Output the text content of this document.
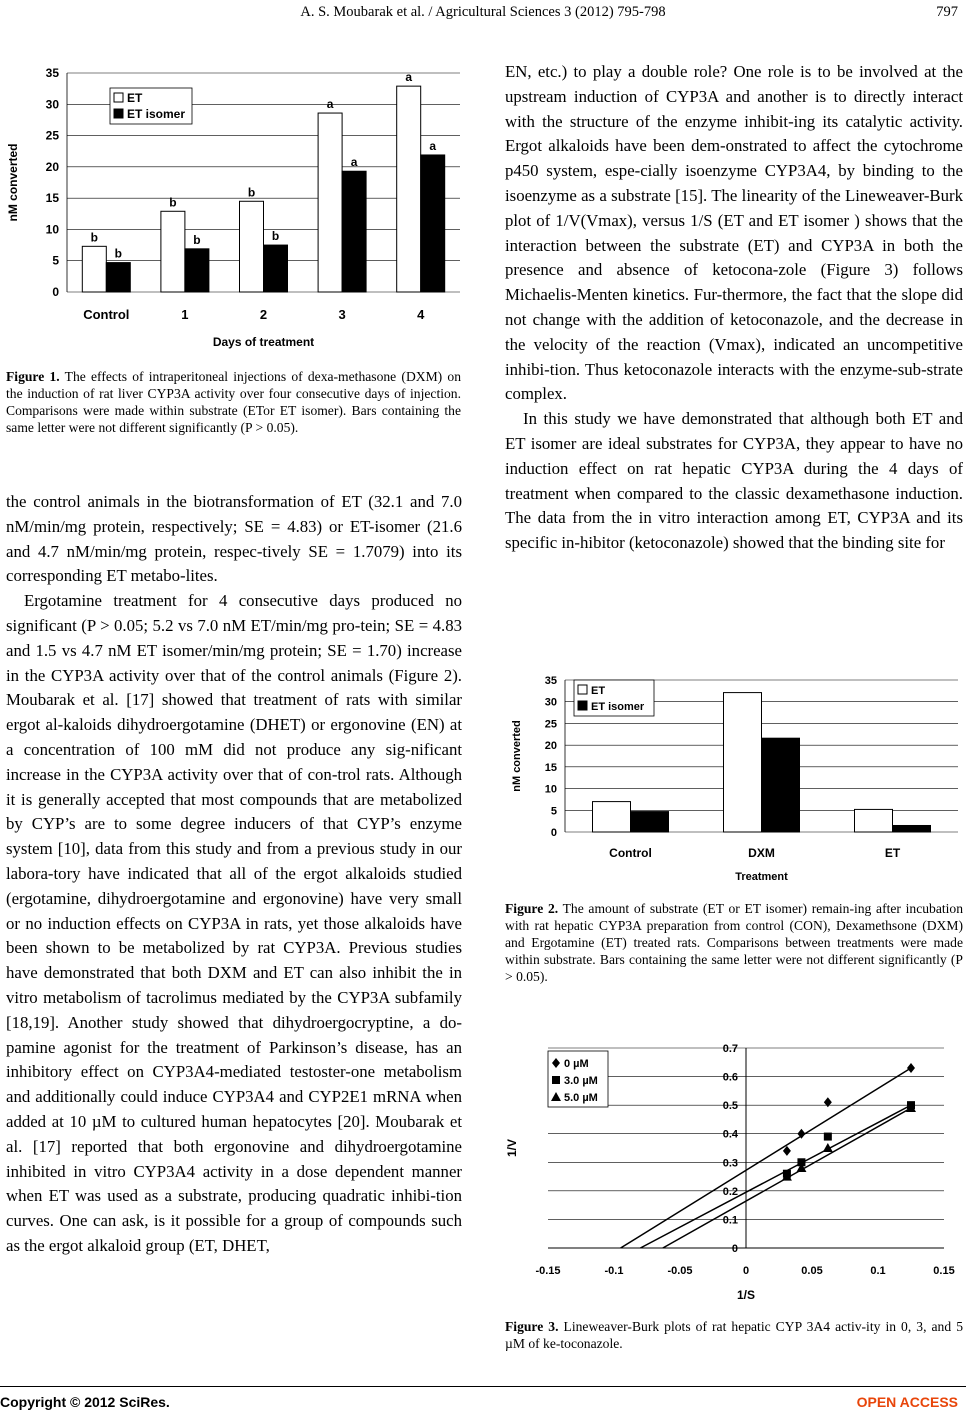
A. S. Moubarak et al. / Agricultural Sciences 3 (2012) 795-798	797
0
5
10
15
20
25
30
35
Control
b
b
1
b
b
2
b
b
3
a
a
4
a
a
Days of treatment
nM converted
ET
ET isomer
Figure 1. The effects of intraperitoneal injections of dexa-methasone (DXM) on the induction of rat liver CYP3A activity over four consecutive days of injection. Comparisons were made within substrate (ETor ET isomer). Bars containing the same letter were not different significantly (P > 0.05).

the control animals in the biotransformation of ET (32.1 and 7.0 nM/min/mg protein, respectively; SE = 4.83) or ET-isomer (21.6 and 4.7 nM/min/mg protein, respec-tively SE = 1.7079) into its corresponding ET metabo-lites.

Ergotamine treatment for 4 consecutive days produced no significant (P > 0.05; 5.2 vs 7.0 nM ET/min/mg pro-tein; SE = 4.83 and 1.5 vs 4.7 nM ET isomer/min/mg protein; SE = 1.70) increase in the CYP3A activity over that of the control animals (Figure 2). Moubarak et al. [17] showed that treatment of rats with similar ergot al-kaloids dihydroergotamine (DHET) or ergonovine (EN) at a concentration of 100 mM did not produce any sig-nificant increase in the CYP3A activity over that of con-trol rats. Although it is generally accepted that most compounds that are metabolized by CYP’s are to some degree inducers of that CYP’s enzyme system [10], data from this study and from a previous study in our labora-tory have indicated that all of the ergot alkaloids studied (ergotamine, dihydroergotamine and ergonovine) have very small or no induction effects on CYP3A in rats, yet those alkaloids have been shown to be metabolized by rat CYP3A. Previous studies have demonstrated that both DXM and ET can also inhibit the in vitro metabolism of tacrolimus mediated by the CYP3A subfamily [18,19]. Another study showed that dihydroergocryptine, a do-pamine agonist for the treatment of Parkinson’s disease, has an inhibitory effect on CYP3A4-mediated testoster-one metabolism and additionally could induce CYP3A4 and CYP2E1 mRNA when added at 10 µM to cultured human hepatocytes [20]. Moubarak et al. [17] reported that both ergonovine and dihydroergotamine inhibited in vitro CYP3A4 activity in a dose dependent manner when ET was used as a substrate, producing quadratic inhibi-tion curves. One can ask, is it possible for a group of compounds such as the ergot alkaloid group (ET, DHET,

EN, etc.) to play a double role? One role is to be involved at the upstream induction of CYP3A and another is to directly interact with the structure of the enzyme inhibit-ing its catalytic activity. Ergot alkaloids have been dem-onstrated to affect the cytochrome p450 system, espe-cially isoenzyme CYP3A4, by binding to the isoenzyme as a substrate [15]. The linearity of the Lineweaver-Burk plot of 1/V(Vmax), versus 1/S (ET and ET isomer ) shows that the interaction between the substrate (ET) and CYP3A in both the presence and absence of ketocona-zole (Figure 3) follows Michaelis-Menten kinetics. Fur-thermore, the fact that the slope did not change with the addition of ketoconazole, and the decrease in the velocity of the reaction (Vmax), indicated an uncompetitive inhibi-tion. Thus ketoconazole interacts with the enzyme-sub-strate complex.

In this study we have demonstrated that although both ET and ET isomer are ideal substrates for CYP3A, they appear to have no induction effect on rat hepatic CYP3A during the 4 days of treatment when compared to the classic dexamethasone induction. The data from the in vitro interaction among ET, CYP3A and its specific in-hibitor (ketoconazole) showed that the binding site for

0
5
10
15
20
25
30
35
Control	DXM	ET
Treatment
nM converted
ET
ET isomer
Figure 2. The amount of substrate (ET or ET isomer) remain-ing after incubation with rat hepatic CYP3A preparation from control (CON), Dexamethsone (DXM) and Ergotamine (ET) treated rats. Comparisons between treatments were made within substrate. Bars containing the same letter were not different significantly (P > 0.05).
0
0.1
0.2
0.3
0.4
0.5
0.6
0.7
-0.15	-0.1	-0.05	0	0.05	0.1	0.15
1/S
1/V
0 µM
3.0 µM
5.0 µM
Figure 3. Lineweaver-Burk plots of rat hepatic CYP 3A4 activ-ity in 0, 3, and 5 µM of ke-toconazole.
Copyright © 2012 SciRes.	OPEN ACCESS
